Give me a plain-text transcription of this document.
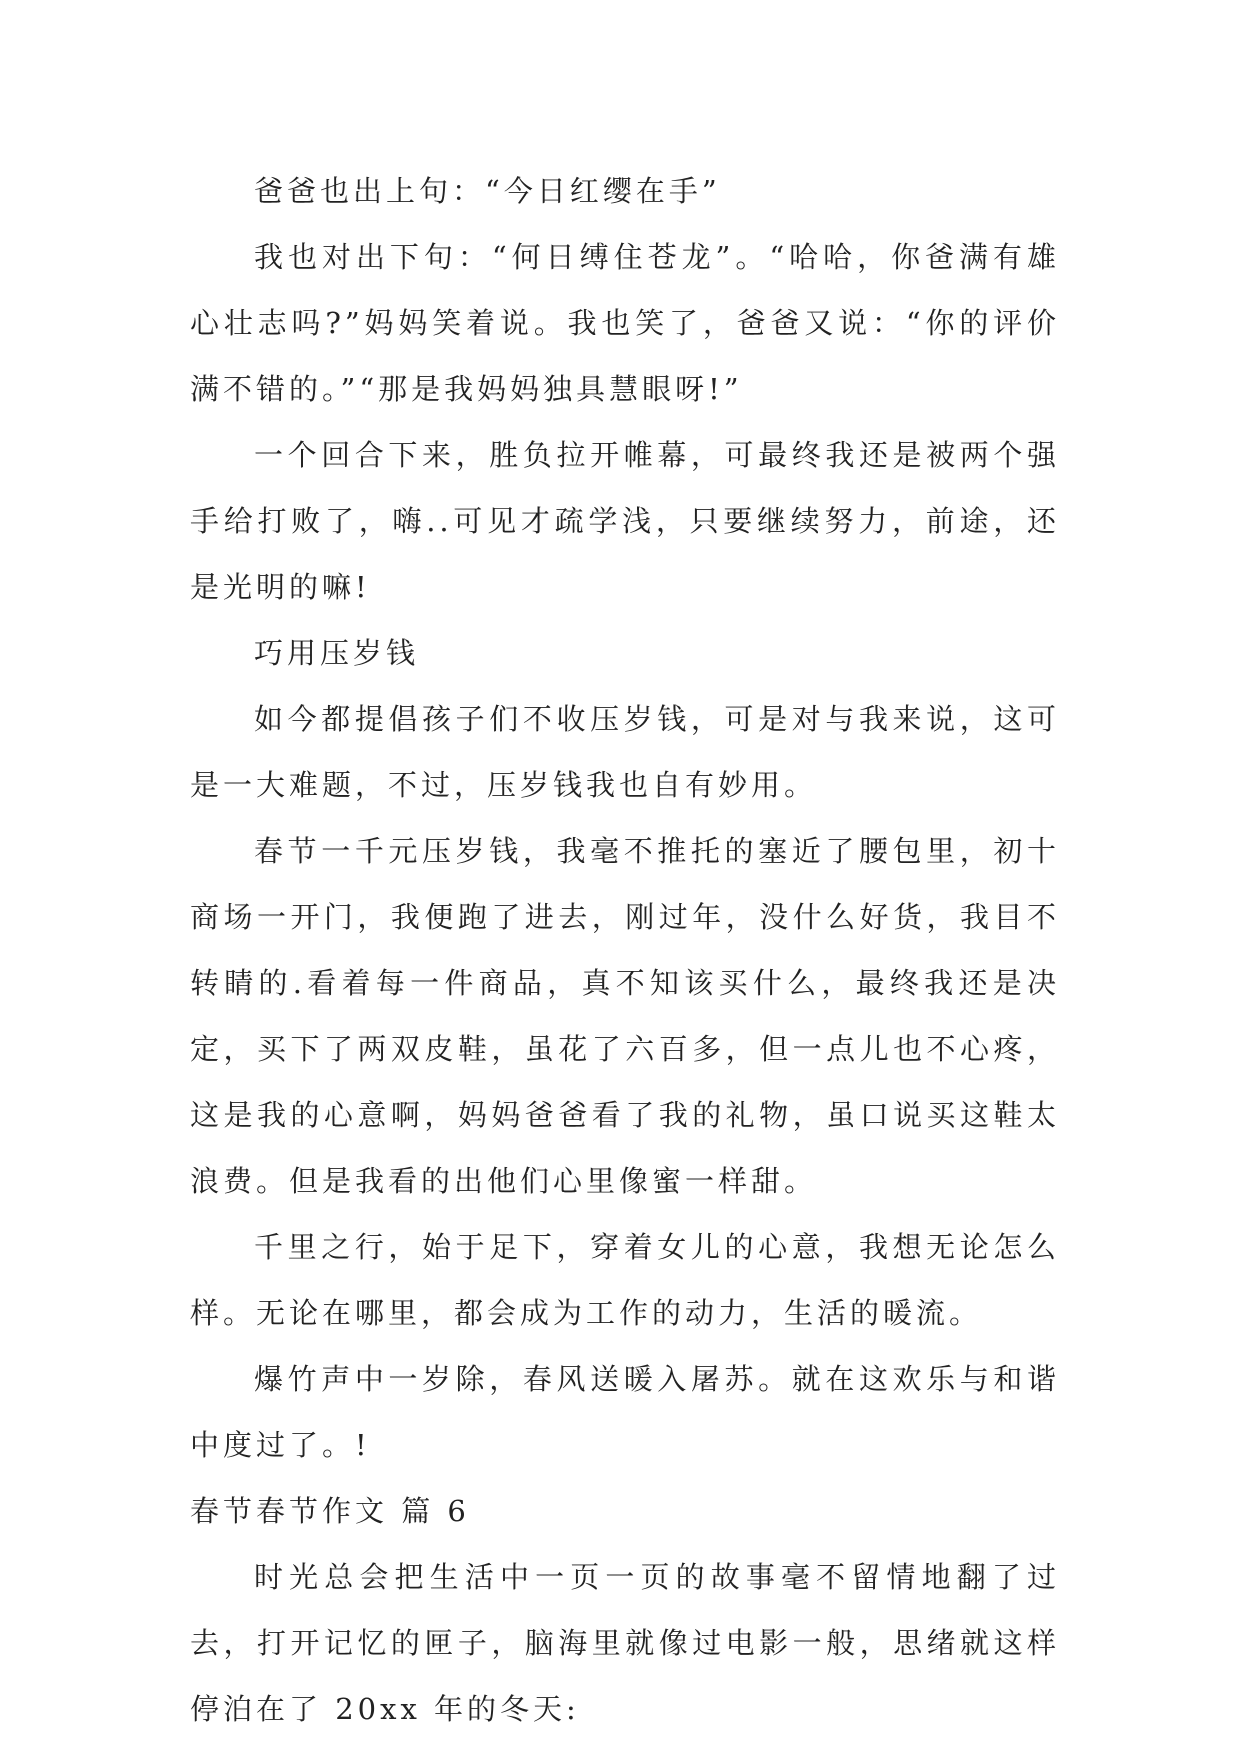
爸爸也出上句：“今日红缨在手”

我也对出下句：“何日缚住苍龙”。“哈哈，你爸满有雄心壮志吗?”妈妈笑着说。我也笑了，爸爸又说：“你的评价满不错的。”“那是我妈妈独具慧眼呀!”

一个回合下来，胜负拉开帷幕，可最终我还是被两个强手给打败了，嗨..可见才疏学浅，只要继续努力，前途，还是光明的嘛!

巧用压岁钱

如今都提倡孩子们不收压岁钱，可是对与我来说，这可是一大难题，不过，压岁钱我也自有妙用。

春节一千元压岁钱，我毫不推托的塞近了腰包里，初十商场一开门，我便跑了进去，刚过年，没什么好货，我目不转睛的.看着每一件商品，真不知该买什么，最终我还是决定，买下了两双皮鞋，虽花了六百多，但一点儿也不心疼，这是我的心意啊，妈妈爸爸看了我的礼物，虽口说买这鞋太浪费。但是我看的出他们心里像蜜一样甜。

千里之行，始于足下，穿着女儿的心意，我想无论怎么样。无论在哪里，都会成为工作的动力，生活的暖流。

爆竹声中一岁除，春风送暖入屠苏。就在这欢乐与和谐中度过了。!

春节春节作文 篇 6

时光总会把生活中一页一页的故事毫不留情地翻了过去，打开记忆的匣子，脑海里就像过电影一般，思绪就这样停泊在了 20xx 年的冬天:
